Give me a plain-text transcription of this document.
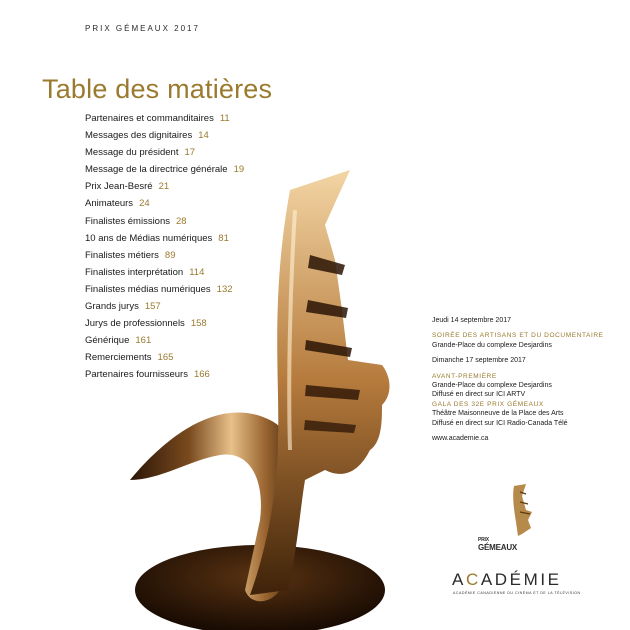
PRIX GÉMEAUX 2017
Table des matières
Partenaires et commanditaires 11
Messages des dignitaires 14
Message du président 17
Message de la directrice générale 19
Prix Jean-Besré 21
Animateurs 24
Finalistes émissions 28
10 ans de Médias numériques 81
Finalistes métiers 89
Finalistes interprétation 114
Finalistes médias numériques 132
Grands jurys 157
Jurys de professionnels 158
Générique 161
Remerciements 165
Partenaires fournisseurs 166
Jeudi 14 septembre 2017
SOIRÉE DES ARTISANS ET DU DOCUMENTAIRE
Grande-Place du complexe Desjardins
Dimanche 17 septembre 2017
AVANT-PREMIÈRE
Grande-Place du complexe Desjardins
Diffusé en direct sur ICI ARTV
GALA DES 32E PRIX GÉMEAUX
Théâtre Maisonneuve de la Place des Arts
Diffusé en direct sur ICI Radio-Canada Télé
www.academie.ca
PRIX
GÉMEAUX
ACADÉMIE
ACADÉMIE CANADIENNE DU CINÉMA ET DE LA TÉLÉVISION
